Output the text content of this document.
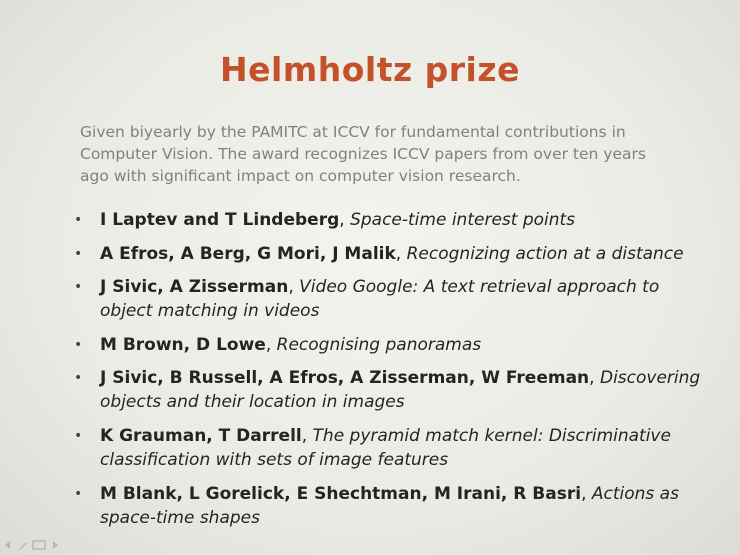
Helmholtz prize
Given biyearly by the PAMITC at ICCV for fundamental contributions in
Computer Vision. The award recognizes ICCV papers from over ten years
ago with significant impact on computer vision research.
• I Laptev and T Lindeberg, Space-time interest points
• A Efros, A Berg, G Mori, J Malik, Recognizing action at a distance
• J Sivic, A Zisserman, Video Google: A text retrieval approach to
object matching in videos
• M Brown, D Lowe, Recognising panoramas
• J Sivic, B Russell, A Efros, A Zisserman, W Freeman, Discovering
objects and their location in images
• K Grauman, T Darrell, The pyramid match kernel: Discriminative
classification with sets of image features
• M Blank, L Gorelick, E Shechtman, M Irani, R Basri, Actions as
space-time shapes
